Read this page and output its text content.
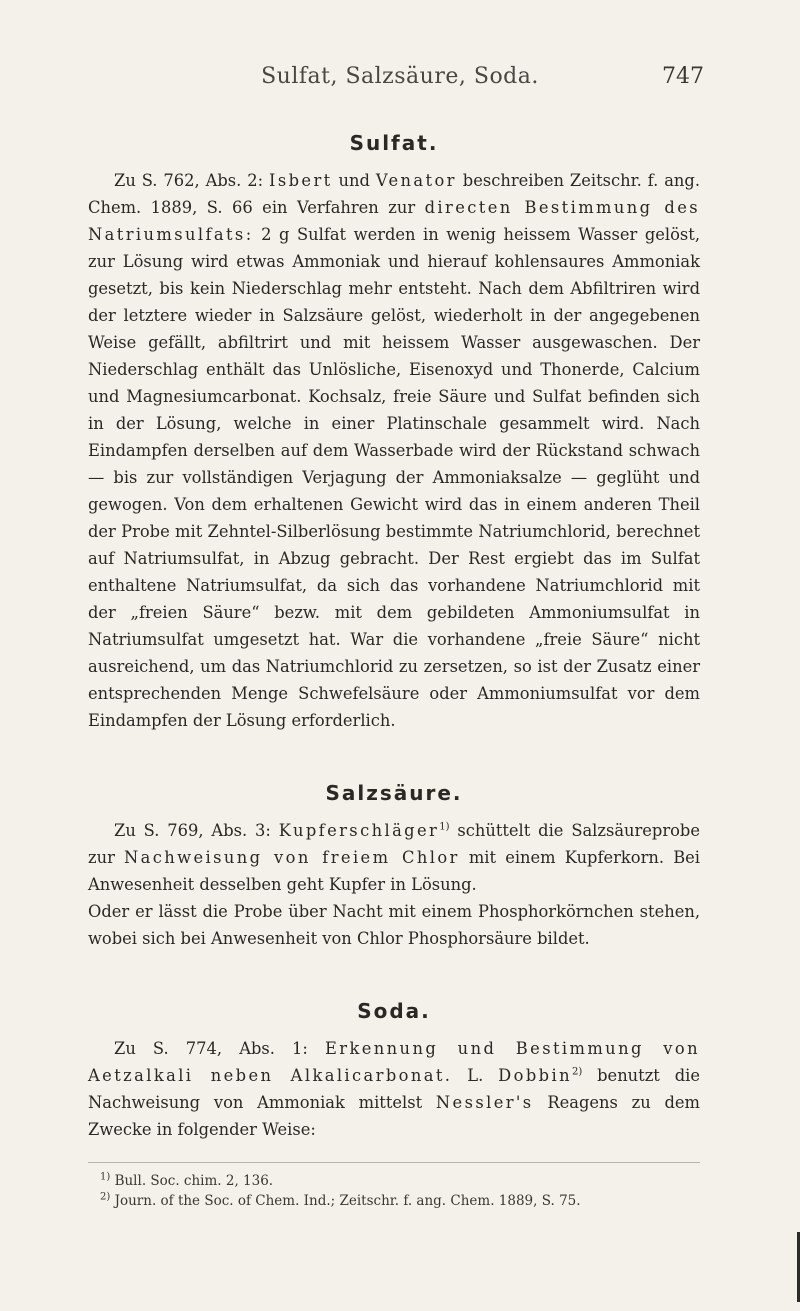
Sulfat, Salzsäure, Soda.	747
Sulfat.

Zu S. 762, Abs. 2: Isbert und Venator beschreiben Zeitschr. f. ang. Chem. 1889, S. 66 ein Verfahren zur directen Bestimmung des Natriumsulfats: 2 g Sulfat werden in wenig heissem Wasser gelöst, zur Lösung wird etwas Ammoniak und hierauf kohlensaures Ammoniak gesetzt, bis kein Niederschlag mehr entsteht. Nach dem Abfiltriren wird der letztere wieder in Salzsäure gelöst, wiederholt in der angegebenen Weise gefällt, abfiltrirt und mit heissem Wasser ausgewaschen. Der Niederschlag enthält das Unlösliche, Eisenoxyd und Thonerde, Calcium und Magnesiumcarbonat. Kochsalz, freie Säure und Sulfat befinden sich in der Lösung, welche in einer Platinschale gesammelt wird. Nach Eindampfen derselben auf dem Wasserbade wird der Rückstand schwach — bis zur vollständigen Verjagung der Ammoniaksalze — geglüht und gewogen. Von dem erhaltenen Gewicht wird das in einem anderen Theil der Probe mit Zehntel-Silberlösung bestimmte Natriumchlorid, berechnet auf Natriumsulfat, in Abzug gebracht. Der Rest ergiebt das im Sulfat enthaltene Natriumsulfat, da sich das vorhandene Natriumchlorid mit der „freien Säure“ bezw. mit dem gebildeten Ammoniumsulfat in Natriumsulfat umgesetzt hat. War die vorhandene „freie Säure“ nicht ausreichend, um das Natriumchlorid zu zersetzen, so ist der Zusatz einer entsprechenden Menge Schwefelsäure oder Ammoniumsulfat vor dem Eindampfen der Lösung erforderlich.

Salzsäure.

Zu S. 769, Abs. 3: Kupferschläger$^{1)}$ schüttelt die Salzsäureprobe zur Nachweisung von freiem Chlor mit einem Kupferkorn. Bei Anwesenheit desselben geht Kupfer in Lösung.

Oder er lässt die Probe über Nacht mit einem Phosphorkörnchen stehen, wobei sich bei Anwesenheit von Chlor Phosphorsäure bildet.

Soda.

Zu S. 774, Abs. 1: Erkennung und Bestimmung von Aetzalkali neben Alkalicarbonat. L. Dobbin$^{2)}$ benutzt die Nachweisung von Ammoniak mittelst Nessler's Reagens zu dem Zwecke in folgender Weise:

$^{1)}$ Bull. Soc. chim. 2, 136.

$^{2)}$ Journ. of the Soc. of Chem. Ind.; Zeitschr. f. ang. Chem. 1889, S. 75.
